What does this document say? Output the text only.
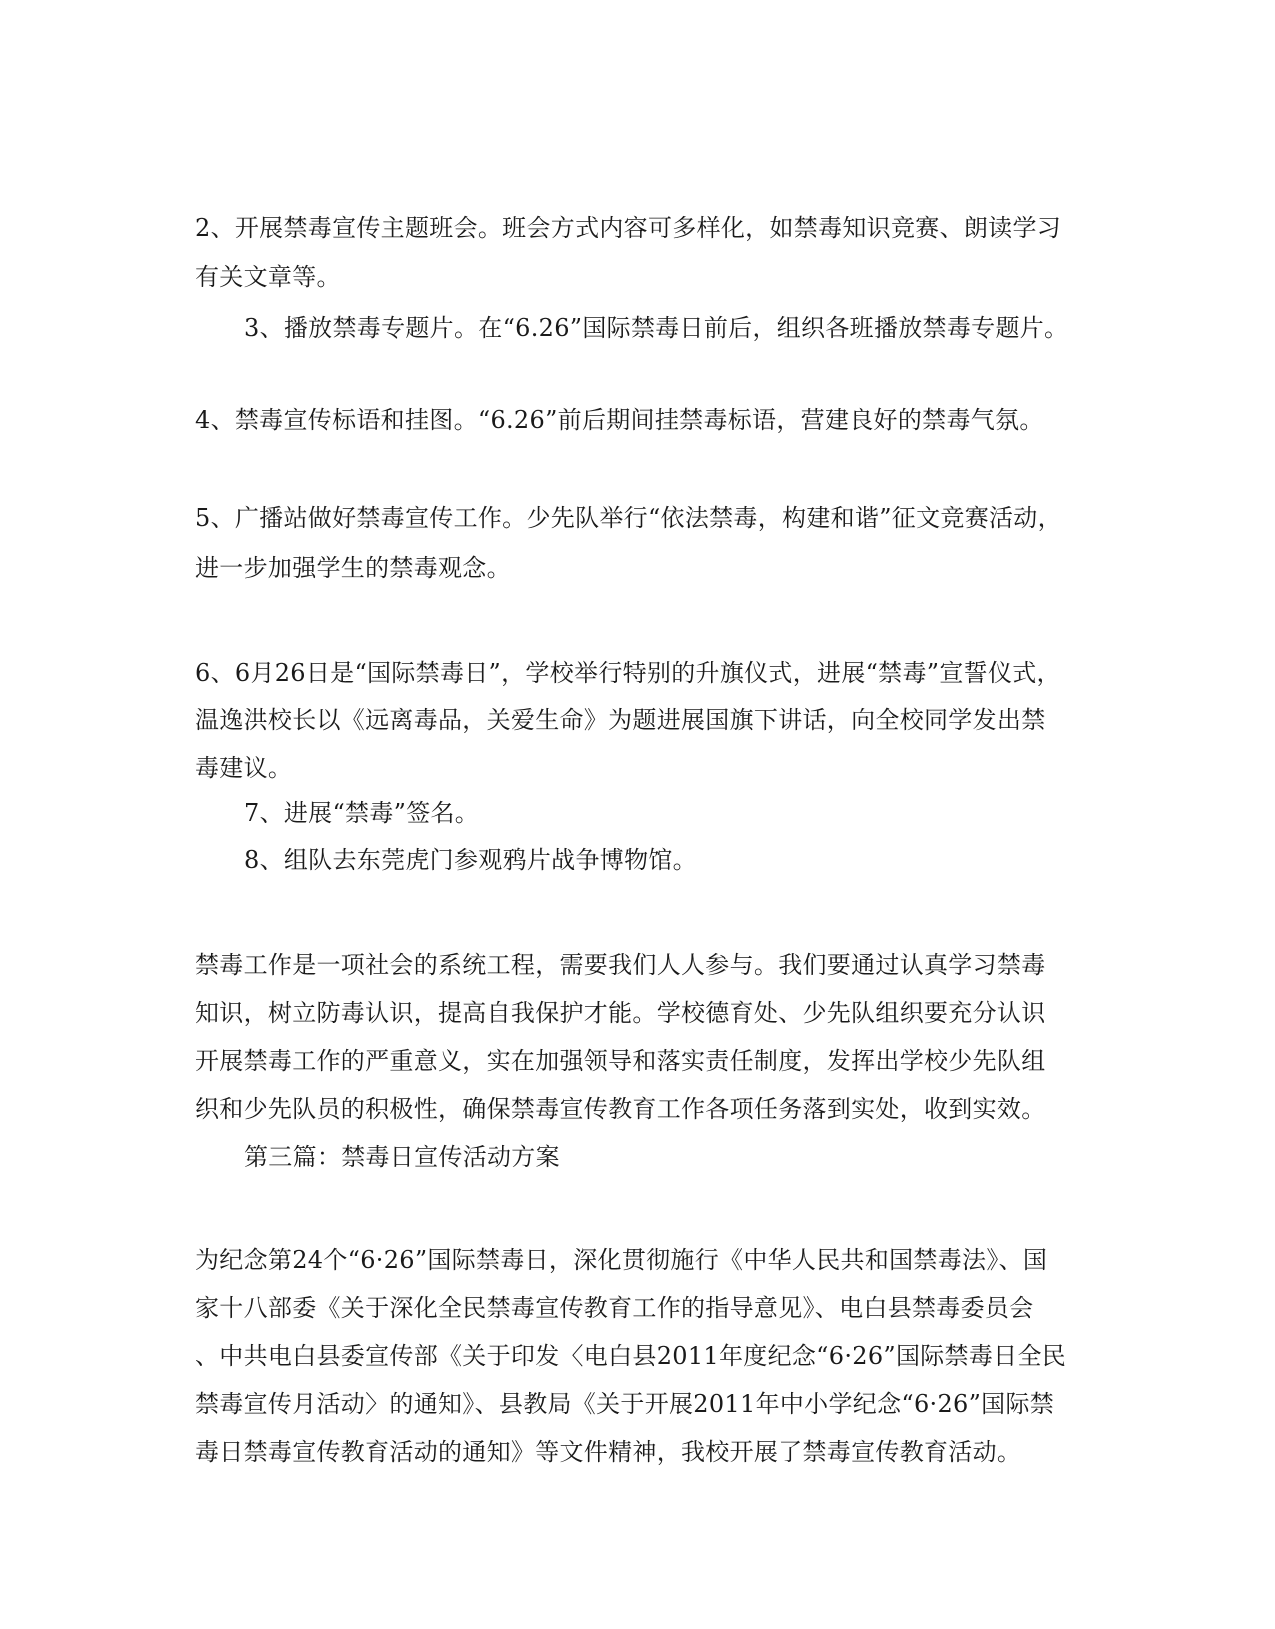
2、开展禁毒宣传主题班会。班会方式内容可多样化，如禁毒知识竞赛、朗读学习
有关文章等。
3、播放禁毒专题片。在“6.26”国际禁毒日前后，组织各班播放禁毒专题片。
4、禁毒宣传标语和挂图。“6.26”前后期间挂禁毒标语，营建良好的禁毒气氛。
5、广播站做好禁毒宣传工作。少先队举行“依法禁毒，构建和谐”征文竞赛活动，
进一步加强学生的禁毒观念。
6、6月26日是“国际禁毒日”，学校举行特别的升旗仪式，进展“禁毒”宣誓仪式，
温逸洪校长以《远离毒品，关爱生命》为题进展国旗下讲话，向全校同学发出禁
毒建议。
7、进展“禁毒”签名。
8、组队去东莞虎门参观鸦片战争博物馆。
禁毒工作是一项社会的系统工程，需要我们人人参与。我们要通过认真学习禁毒
知识，树立防毒认识，提高自我保护才能。学校德育处、少先队组织要充分认识
开展禁毒工作的严重意义，实在加强领导和落实责任制度，发挥出学校少先队组
织和少先队员的积极性，确保禁毒宣传教育工作各项任务落到实处，收到实效。
第三篇：禁毒日宣传活动方案
为纪念第24个“6·26”国际禁毒日，深化贯彻施行《中华人民共和国禁毒法》、国
家十八部委《关于深化全民禁毒宣传教育工作的指导意见》、电白县禁毒委员会
、中共电白县委宣传部《关于印发〈电白县2011年度纪念“6·26”国际禁毒日全民
禁毒宣传月活动〉的通知》、县教局《关于开展2011年中小学纪念“6·26”国际禁
毒日禁毒宣传教育活动的通知》等文件精神，我校开展了禁毒宣传教育活动。
